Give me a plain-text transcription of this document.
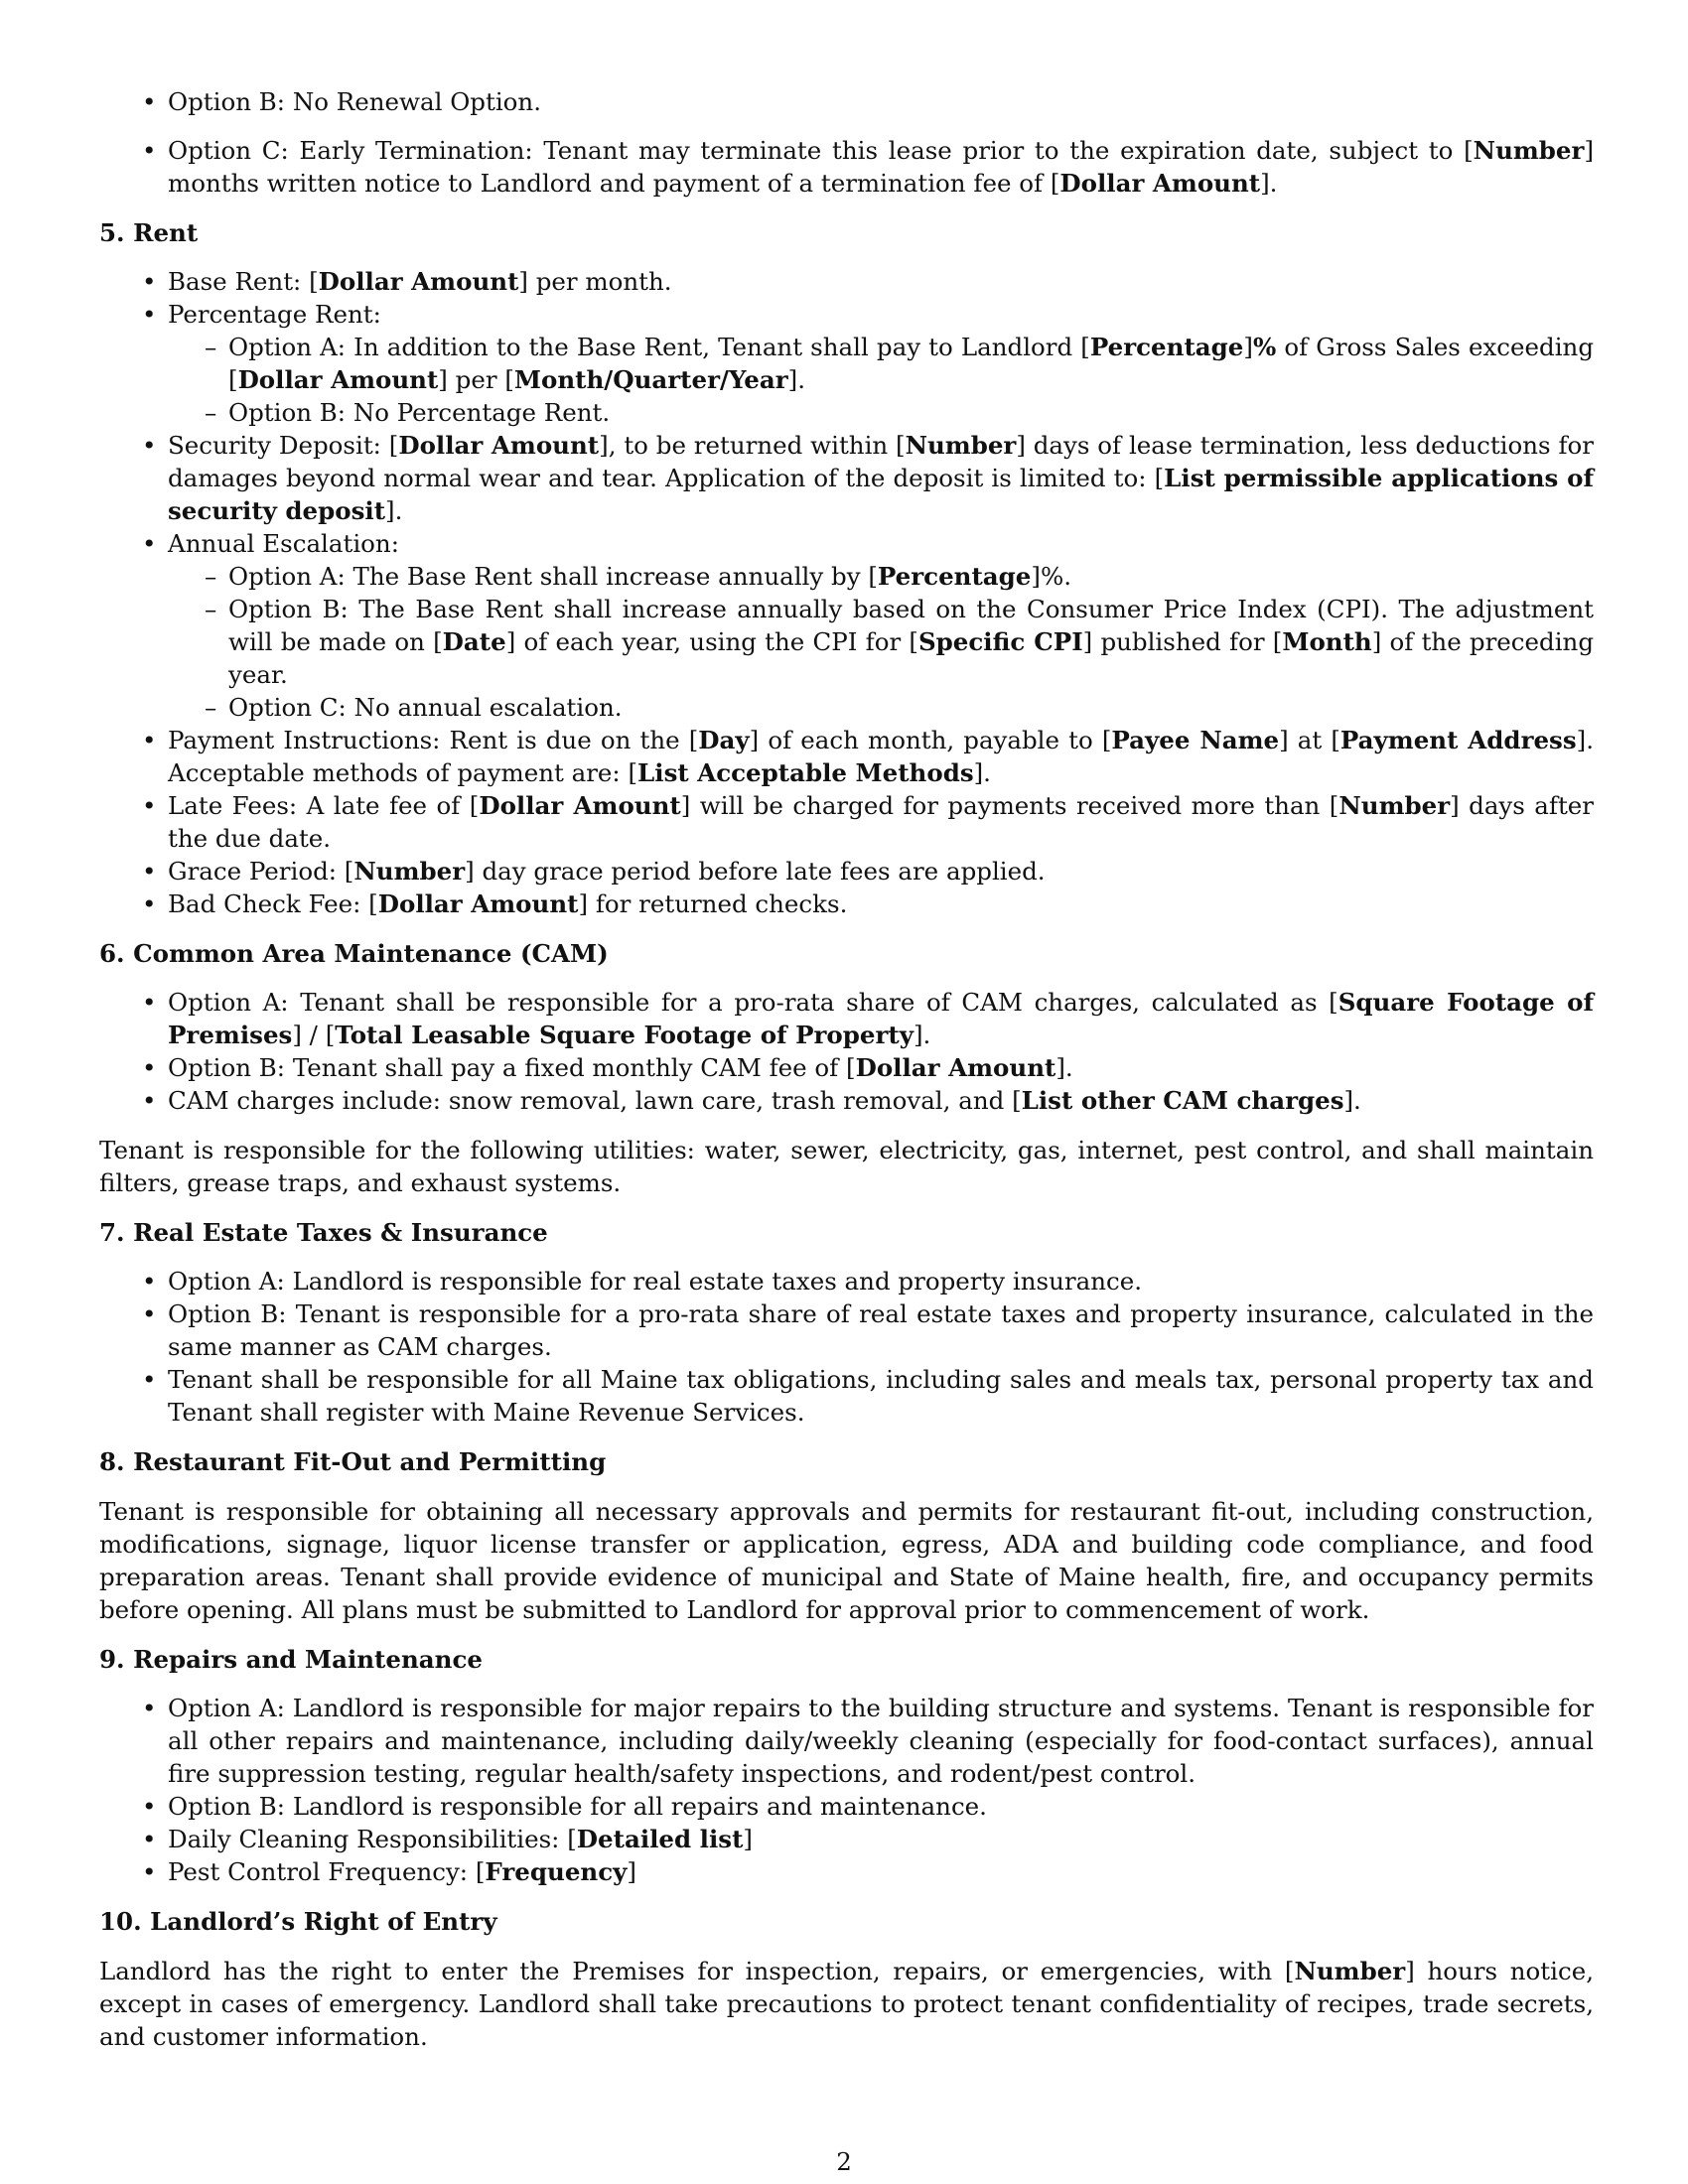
• Option B: No Renewal Option.
• Option C: Early Termination: Tenant may terminate this lease prior to the expiration date, subject to [Number] months written notice to Landlord and payment of a termination fee of [Dollar Amount].
5. Rent
• Base Rent: [Dollar Amount] per month.
• Percentage Rent:
– Option A: In addition to the Base Rent, Tenant shall pay to Landlord [Percentage]% of Gross Sales exceeding [Dollar Amount] per [Month/Quarter/Year].
– Option B: No Percentage Rent.
• Security Deposit: [Dollar Amount], to be returned within [Number] days of lease termination, less deductions for damages beyond normal wear and tear. Application of the deposit is limited to: [List permissible applications of security deposit].
• Annual Escalation:
– Option A: The Base Rent shall increase annually by [Percentage]%.
– Option B: The Base Rent shall increase annually based on the Consumer Price Index (CPI). The adjustment will be made on [Date] of each year, using the CPI for [Specific CPI] published for [Month] of the preceding year.
– Option C: No annual escalation.
• Payment Instructions: Rent is due on the [Day] of each month, payable to [Payee Name] at [Payment Address]. Acceptable methods of payment are: [List Acceptable Methods].
• Late Fees: A late fee of [Dollar Amount] will be charged for payments received more than [Number] days after the due date.
• Grace Period: [Number] day grace period before late fees are applied.
• Bad Check Fee: [Dollar Amount] for returned checks.
6. Common Area Maintenance (CAM)
• Option A: Tenant shall be responsible for a pro-rata share of CAM charges, calculated as [Square Footage of Premises] / [Total Leasable Square Footage of Property].
• Option B: Tenant shall pay a fixed monthly CAM fee of [Dollar Amount].
• CAM charges include: snow removal, lawn care, trash removal, and [List other CAM charges].

Tenant is responsible for the following utilities: water, sewer, electricity, gas, internet, pest control, and shall maintain filters, grease traps, and exhaust systems.

7. Real Estate Taxes & Insurance
• Option A: Landlord is responsible for real estate taxes and property insurance.
• Option B: Tenant is responsible for a pro-rata share of real estate taxes and property insurance, calculated in the same manner as CAM charges.
• Tenant shall be responsible for all Maine tax obligations, including sales and meals tax, personal property tax and Tenant shall register with Maine Revenue Services.
8. Restaurant Fit-Out and Permitting

Tenant is responsible for obtaining all necessary approvals and permits for restaurant fit-out, including construction, modifications, signage, liquor license transfer or application, egress, ADA and building code compliance, and food preparation areas. Tenant shall provide evidence of municipal and State of Maine health, fire, and occupancy permits before opening. All plans must be submitted to Landlord for approval prior to commencement of work.

9. Repairs and Maintenance
• Option A: Landlord is responsible for major repairs to the building structure and systems. Tenant is responsible for all other repairs and maintenance, including daily/weekly cleaning (especially for food-contact surfaces), annual fire suppression testing, regular health/safety inspections, and rodent/pest control.
• Option B: Landlord is responsible for all repairs and maintenance.
• Daily Cleaning Responsibilities: [Detailed list]
• Pest Control Frequency: [Frequency]
10. Landlord’s Right of Entry

Landlord has the right to enter the Premises for inspection, repairs, or emergencies, with [Number] hours notice, except in cases of emergency. Landlord shall take precautions to protect tenant confidentiality of recipes, trade secrets, and customer information.

2
